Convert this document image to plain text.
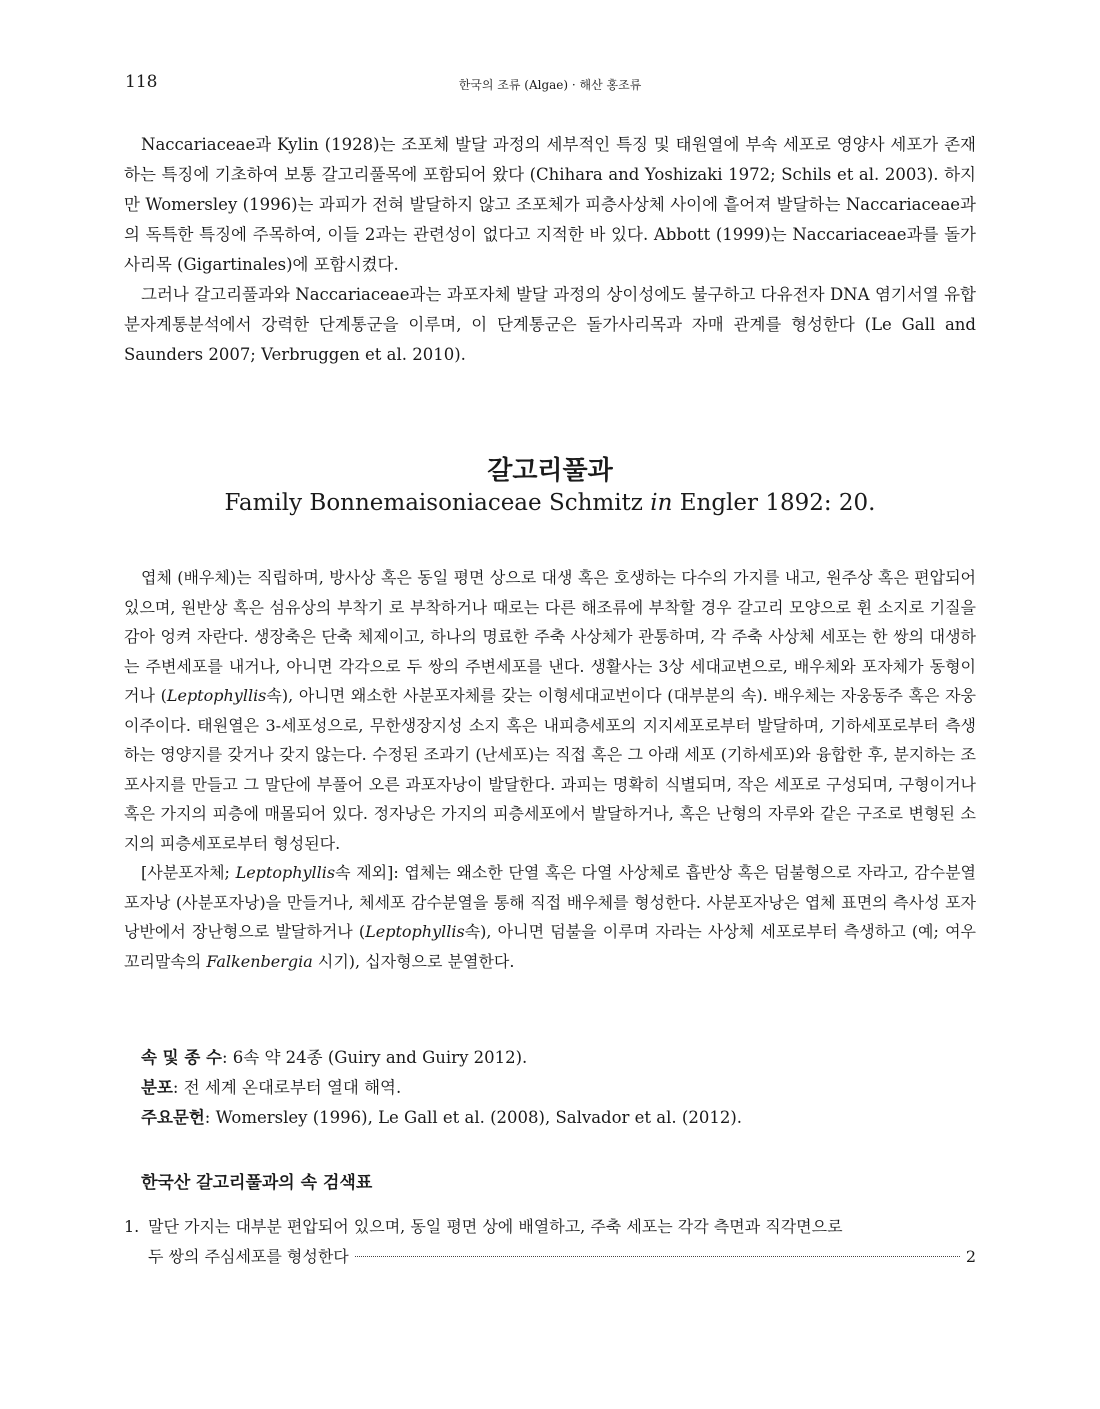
118	한국의 조류 (Algae) · 해산 홍조류

Naccariaceae과 Kylin (1928)는 조포체 발달 과정의 세부적인 특징 및 태원열에 부속 세포로 영양사 세포가 존재하는 특징에 기초하여 보통 갈고리풀목에 포함되어 왔다 (Chihara and Yoshizaki 1972; Schils et al. 2003). 하지만 Womersley (1996)는 과피가 전혀 발달하지 않고 조포체가 피층사상체 사이에 흩어져 발달하는 Naccariaceae과의 독특한 특징에 주목하여, 이들 2과는 관련성이 없다고 지적한 바 있다. Abbott (1999)는 Naccariaceae과를 돌가사리목 (Gigartinales)에 포함시켰다.

그러나 갈고리풀과와 Naccariaceae과는 과포자체 발달 과정의 상이성에도 불구하고 다유전자 DNA 염기서열 유합 분자계통분석에서 강력한 단계통군을 이루며, 이 단계통군은 돌가사리목과 자매 관계를 형성한다 (Le Gall and Saunders 2007; Verbruggen et al. 2010).

갈고리풀과
Family Bonnemaisoniaceae Schmitz in Engler 1892: 20.

엽체 (배우체)는 직립하며, 방사상 혹은 동일 평면 상으로 대생 혹은 호생하는 다수의 가지를 내고, 원주상 혹은 편압되어 있으며, 원반상 혹은 섬유상의 부착기 로 부착하거나 때로는 다른 해조류에 부착할 경우 갈고리 모양으로 휜 소지로 기질을 감아 엉켜 자란다. 생장축은 단축 체제이고, 하나의 명료한 주축 사상체가 관통하며, 각 주축 사상체 세포는 한 쌍의 대생하는 주변세포를 내거나, 아니면 각각으로 두 쌍의 주변세포를 낸다. 생활사는 3상 세대교변으로, 배우체와 포자체가 동형이거나 (Leptophyllis속), 아니면 왜소한 사분포자체를 갖는 이형세대교번이다 (대부분의 속). 배우체는 자웅동주 혹은 자웅이주이다. 태원열은 3-세포성으로, 무한생장지성 소지 혹은 내피층세포의 지지세포로부터 발달하며, 기하세포로부터 측생하는 영양지를 갖거나 갖지 않는다. 수정된 조과기 (난세포)는 직접 혹은 그 아래 세포 (기하세포)와 융합한 후, 분지하는 조포사지를 만들고 그 말단에 부풀어 오른 과포자낭이 발달한다. 과피는 명확히 식별되며, 작은 세포로 구성되며, 구형이거나 혹은 가지의 피층에 매몰되어 있다. 정자낭은 가지의 피층세포에서 발달하거나, 혹은 난형의 자루와 같은 구조로 변형된 소지의 피층세포로부터 형성된다.

[사분포자체; Leptophyllis속 제외]: 엽체는 왜소한 단열 혹은 다열 사상체로 흡반상 혹은 덤불형으로 자라고, 감수분열 포자낭 (사분포자낭)을 만들거나, 체세포 감수분열을 통해 직접 배우체를 형성한다. 사분포자낭은 엽체 표면의 측사성 포자낭반에서 장난형으로 발달하거나 (Leptophyllis속), 아니면 덤불을 이루며 자라는 사상체 세포로부터 측생하고 (예; 여우꼬리말속의 Falkenbergia 시기), 십자형으로 분열한다.

속 및 종 수: 6속 약 24종 (Guiry and Guiry 2012).
분포: 전 세계 온대로부터 열대 해역.
주요문헌: Womersley (1996), Le Gall et al. (2008), Salvador et al. (2012).
한국산 갈고리풀과의 속 검색표
1. 말단 가지는 대부분 편압되어 있으며, 동일 평면 상에 배열하고, 주축 세포는 각각 측면과 직각면으로
두 쌍의 주심세포를 형성한다	2
